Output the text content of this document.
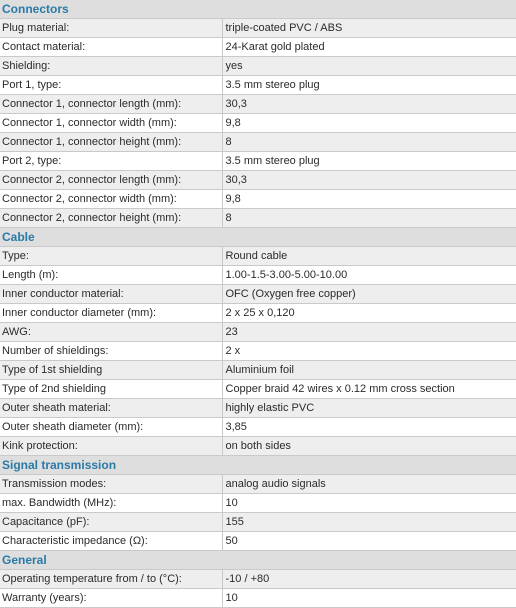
Connectors	
Plug material:	triple-coated PVC / ABS
Contact material:	24-Karat gold plated
Shielding:	yes
Port 1, type:	3.5 mm stereo plug
Connector 1, connector length (mm):	30,3
Connector 1, connector width (mm):	9,8
Connector 1, connector height (mm):	8
Port 2, type:	3.5 mm stereo plug
Connector 2, connector length (mm):	30,3
Connector 2, connector width (mm):	9,8
Connector 2, connector height (mm):	8
Cable	
Type:	Round cable
Length (m):	1.00-1.5-3.00-5.00-10.00
Inner conductor material:	OFC (Oxygen free copper)
Inner conductor diameter (mm):	2 x 25 x 0,120
AWG:	23
Number of shieldings:	2 x
Type of 1st shielding	Aluminium foil
Type of 2nd shielding	Copper braid 42 wires x 0.12 mm cross section
Outer sheath material:	highly elastic PVC
Outer sheath diameter (mm):	3,85
Kink protection:	on both sides
Signal transmission	
Transmission modes:	analog audio signals
max. Bandwidth (MHz):	10
Capacitance (pF):	155
Characteristic impedance (Ω):	50
General	
Operating temperature from / to (°C):	-10 / +80
Warranty (years):	10
